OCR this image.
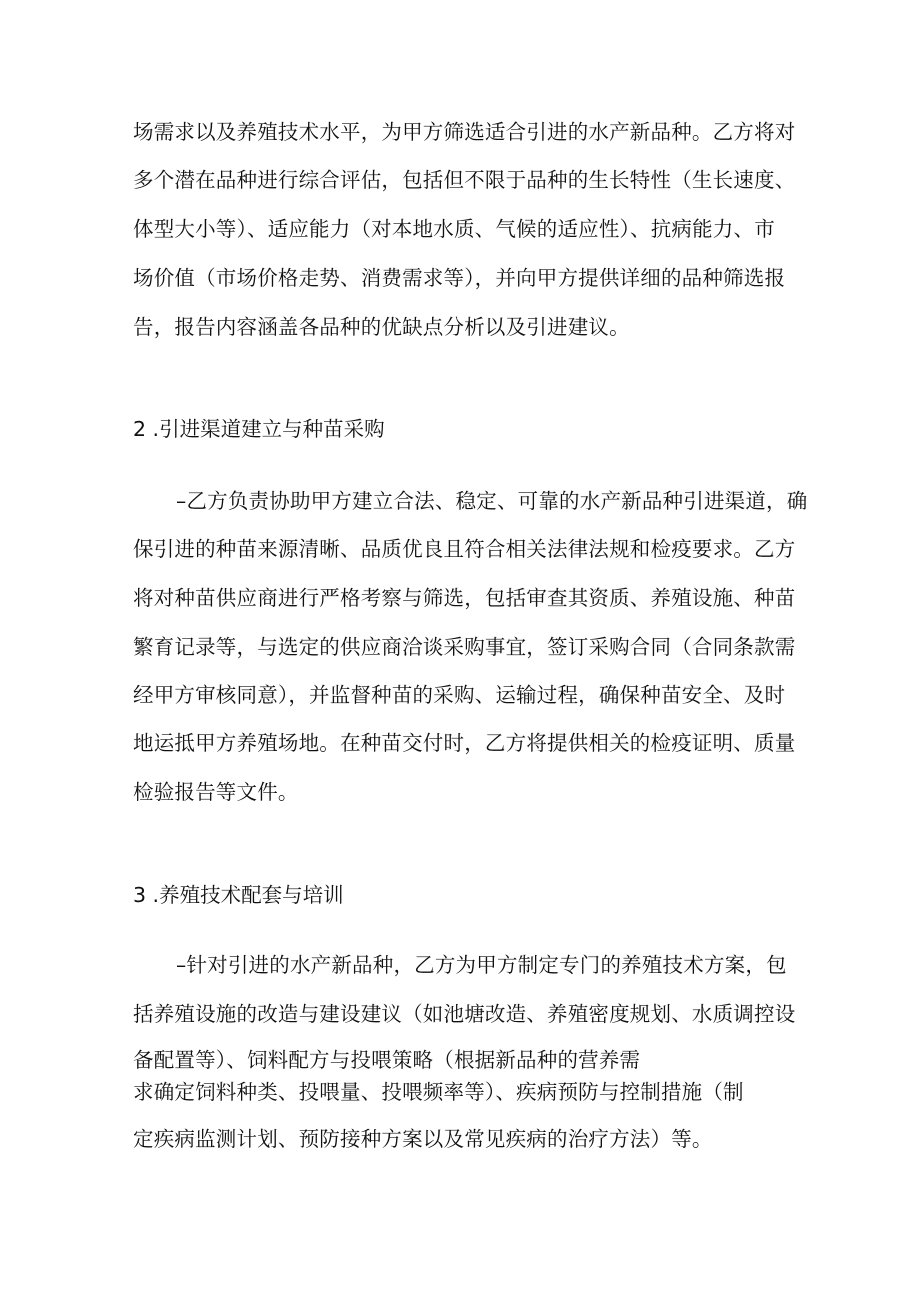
场需求以及养殖技术水平，为甲方筛选适合引进的水产新品种。乙方将对
多个潜在品种进行综合评估，包括但不限于品种的生长特性（生长速度、
体型大小等）、适应能力（对本地水质、气候的适应性）、抗病能力、市
场价值（市场价格走势、消费需求等），并向甲方提供详细的品种筛选报
告，报告内容涵盖各品种的优缺点分析以及引进建议。
2 .引进渠道建立与种苗采购
–乙方负责协助甲方建立合法、稳定、可靠的水产新品种引进渠道，确
保引进的种苗来源清晰、品质优良且符合相关法律法规和检疫要求。乙方
将对种苗供应商进行严格考察与筛选，包括审查其资质、养殖设施、种苗
繁育记录等，与选定的供应商洽谈采购事宜，签订采购合同（合同条款需
经甲方审核同意），并监督种苗的采购、运输过程，确保种苗安全、及时
地运抵甲方养殖场地。在种苗交付时，乙方将提供相关的检疫证明、质量
检验报告等文件。
3 .养殖技术配套与培训
–针对引进的水产新品种，乙方为甲方制定专门的养殖技术方案，包
括养殖设施的改造与建设建议（如池塘改造、养殖密度规划、水质调控设
备配置等）、饲料配方与投喂策略（根据新品种的营养需
求确定饲料种类、投喂量、投喂频率等）、疾病预防与控制措施（制
定疾病监测计划、预防接种方案以及常见疾病的治疗方法）等。
